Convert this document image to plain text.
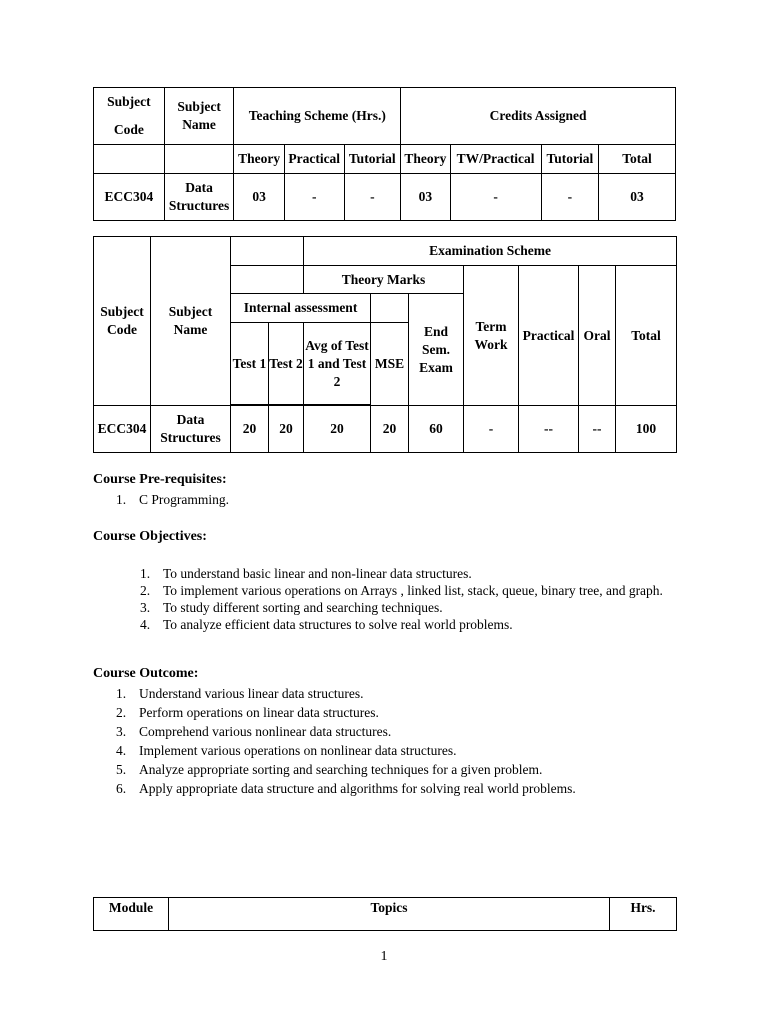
Subject Code	Subject Name	Teaching Scheme (Hrs.)			Credits Assigned			
		Theory	Practical	Tutorial	Theory	TW/Practical	Tutorial	Total
ECC304	Data Structures	03	-	-	03	-	-	03
Subject Code	Subject Name			Examination Scheme						
				Theory Marks			Term Work	Practical	Oral	Total
		Internal assessment				End Sem. Exam				
		Test 1	Test 2	Avg of Test 1 and Test 2	MSE					

ECC304	Data Structures	20	20	20	20	60	-	--	--	100
Course Pre-requisites:
1. C Programming.
Course Objectives:
1. To understand basic linear and non-linear data structures.
2. To implement various operations on Arrays , linked list, stack, queue, binary tree, and graph.
3. To study different sorting and searching techniques.
4. To analyze efficient data structures to solve real world problems.
Course Outcome:
1. Understand various linear data structures.
2. Perform operations on linear data structures.
3. Comprehend various nonlinear data structures.
4. Implement various operations on nonlinear data structures.
5. Analyze appropriate sorting and searching techniques for a given problem.
6. Apply appropriate data structure and algorithms for solving real world problems.
Module	Topics	Hrs.
1
